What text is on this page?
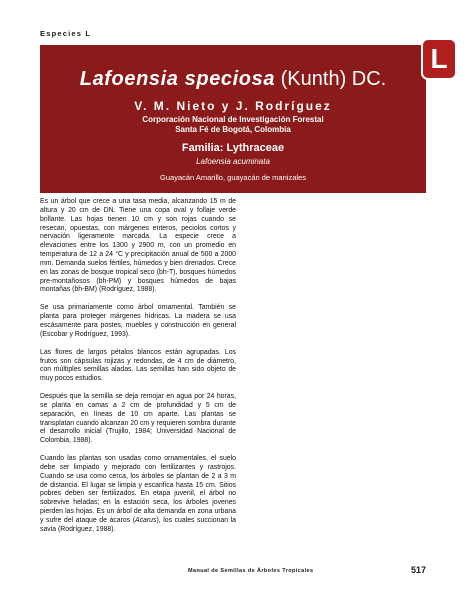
Especies L
Lafoensia speciosa (Kunth) DC.
V. M. Nieto y J. Rodríguez
Corporación Nacional de Investigación Forestal
Santa Fé de Bogotá, Colombia
Familia: Lythraceae
Lafoensia acuminata
Guayacán Amarillo, guayacán de manizales
L

Es un árbol que crece a una tasa media, alcanzando 15 m de altura y 20 cm de DN. Tiene una copa oval y follaje verde brillante. Las hojas tienen 10 cm y son rojas cuando se resecan, opuestas, con márgenes enteros, peciolos cortos y nervación ligeramente marcada. La especie crece a elevaciones entre los 1300 y 2900 m, con un promedio en temperatura de 12 a 24 °C y precipitación anual de 500 a 2000 mm. Demanda suelos fértiles, húmedos y bien drenados. Crece en las zonas de bosque tropical seco (bh-T), bosques húmedos pre-montañosos (bh-PM) y bosques húmedos de bajas montañas (bh-BM) (Rodríguez, 1988).

Se usa primariamente como árbol ornamental. También se planta para proteger márgenes hídricas. La madera se usa escásamente para postes, muebles y construcción en general (Escobar y Rodríguez, 1993).

Las flores de largos pétalos blancos están agrupadas. Los frutos son cápsulas rojizas y redondas, de 4 cm de diámetro, con múltiples semillas aladas. Las semillas han sido objeto de muy pocos estudios.

Después que la semilla se deja remojar en agua por 24 horas, se planta en camas a 2 cm de profundidad y 5 cm de separación, en líneas de 10 cm aparte. Las plantas se transplatan cuando alcanzan 20 cm y requieren sombra durante el desarrollo inicial (Trujillo, 1984; Universidad Nacional de Colombia, 1988).

Cuando las plantas son usadas como ornamentales, el suelo debe ser limpiado y mejorado con fertilizantes y rastrojos. Cuando se usa como cerca, los árboles se plantan de 2 a 3 m de distancia. El lugar se limpia y escarifica hasta 15 cm. Sitios pobres deben ser fertilizados. En etapa juvenil, el árbol no sobrevive heladas; en la estación seca, los árboles jovenes pierden las hojas. Es un árbol de alta demanda en zona urbana y sufre del ataque de ácaros (Acarus), los cuales succionan la savia (Rodríguez, 1988).

Manual de Semillas de Árboles Tropicales	517
